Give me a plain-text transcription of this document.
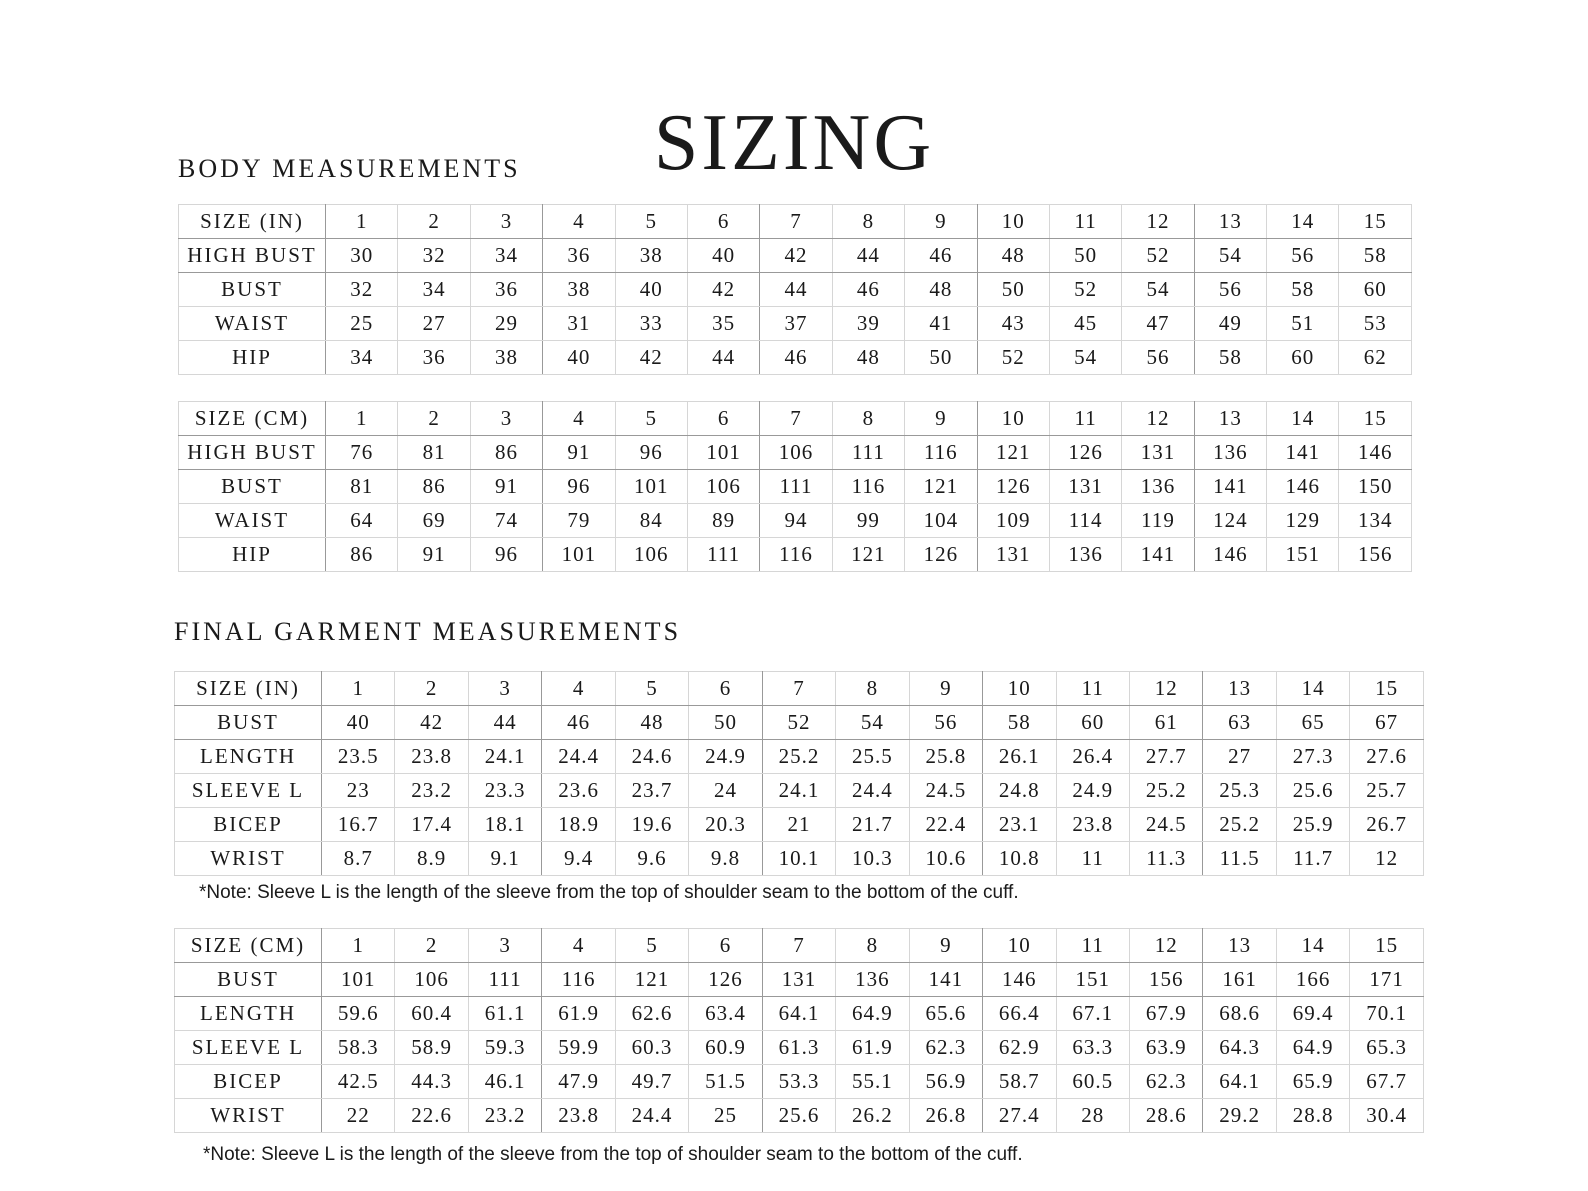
SIZING
BODY MEASUREMENTS
SIZE (IN)	1	2	3	4	5	6	7	8	9	10	11	12	13	14	15
HIGH BUST	30	32	34	36	38	40	42	44	46	48	50	52	54	56	58
BUST	32	34	36	38	40	42	44	46	48	50	52	54	56	58	60
WAIST	25	27	29	31	33	35	37	39	41	43	45	47	49	51	53
HIP	34	36	38	40	42	44	46	48	50	52	54	56	58	60	62
SIZE (CM)	1	2	3	4	5	6	7	8	9	10	11	12	13	14	15
HIGH BUST	76	81	86	91	96	101	106	111	116	121	126	131	136	141	146
BUST	81	86	91	96	101	106	111	116	121	126	131	136	141	146	150
WAIST	64	69	74	79	84	89	94	99	104	109	114	119	124	129	134
HIP	86	91	96	101	106	111	116	121	126	131	136	141	146	151	156
FINAL GARMENT MEASUREMENTS
SIZE (IN)	1	2	3	4	5	6	7	8	9	10	11	12	13	14	15
BUST	40	42	44	46	48	50	52	54	56	58	60	61	63	65	67
LENGTH	23.5	23.8	24.1	24.4	24.6	24.9	25.2	25.5	25.8	26.1	26.4	27.7	27	27.3	27.6
SLEEVE L	23	23.2	23.3	23.6	23.7	24	24.1	24.4	24.5	24.8	24.9	25.2	25.3	25.6	25.7
BICEP	16.7	17.4	18.1	18.9	19.6	20.3	21	21.7	22.4	23.1	23.8	24.5	25.2	25.9	26.7
WRIST	8.7	8.9	9.1	9.4	9.6	9.8	10.1	10.3	10.6	10.8	11	11.3	11.5	11.7	12
*Note: Sleeve L is the length of the sleeve from the top of shoulder seam to the bottom of the cuff.
SIZE (CM)	1	2	3	4	5	6	7	8	9	10	11	12	13	14	15
BUST	101	106	111	116	121	126	131	136	141	146	151	156	161	166	171
LENGTH	59.6	60.4	61.1	61.9	62.6	63.4	64.1	64.9	65.6	66.4	67.1	67.9	68.6	69.4	70.1
SLEEVE L	58.3	58.9	59.3	59.9	60.3	60.9	61.3	61.9	62.3	62.9	63.3	63.9	64.3	64.9	65.3
BICEP	42.5	44.3	46.1	47.9	49.7	51.5	53.3	55.1	56.9	58.7	60.5	62.3	64.1	65.9	67.7
WRIST	22	22.6	23.2	23.8	24.4	25	25.6	26.2	26.8	27.4	28	28.6	29.2	28.8	30.4
*Note: Sleeve L is the length of the sleeve from the top of shoulder seam to the bottom of the cuff.
